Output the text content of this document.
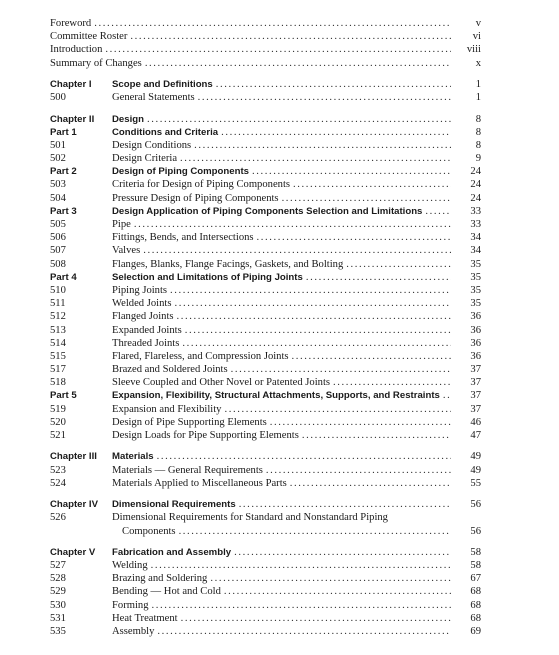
Foreword .....	v
Committee Roster .....	vi
Introduction .....	viii
Summary of Changes .....	x
Chapter I	Scope and Definitions .....	1
500	General Statements .....	1
Chapter II	Design .....	8
Part 1	Conditions and Criteria .....	8
501	Design Conditions .....	8
502	Design Criteria .....	9
Part 2	Design of Piping Components .....	24
503	Criteria for Design of Piping Components .....	24
504	Pressure Design of Piping Components .....	24
Part 3	Design Application of Piping Components Selection and Limitations .....	33
505	Pipe .....	33
506	Fittings, Bends, and Intersections .....	34
507	Valves .....	34
508	Flanges, Blanks, Flange Facings, Gaskets, and Bolting .....	35
Part 4	Selection and Limitations of Piping Joints .....	35
510	Piping Joints .....	35
511	Welded Joints .....	35
512	Flanged Joints .....	36
513	Expanded Joints .....	36
514	Threaded Joints .....	36
515	Flared, Flareless, and Compression Joints .....	36
517	Brazed and Soldered Joints .....	37
518	Sleeve Coupled and Other Novel or Patented Joints .....	37
Part 5	Expansion, Flexibility, Structural Attachments, Supports, and Restraints .....	37
519	Expansion and Flexibility .....	37
520	Design of Pipe Supporting Elements .....	46
521	Design Loads for Pipe Supporting Elements .....	47
Chapter III	Materials .....	49
523	Materials — General Requirements .....	49
524	Materials Applied to Miscellaneous Parts .....	55
Chapter IV	Dimensional Requirements .....	56
526	Dimensional Requirements for Standard and Nonstandard Piping
Components .....	56
Chapter V	Fabrication and Assembly .....	58
527	Welding .....	58
528	Brazing and Soldering .....	67
529	Bending — Hot and Cold .....	68
530	Forming .....	68
531	Heat Treatment .....	68
535	Assembly .....	69
